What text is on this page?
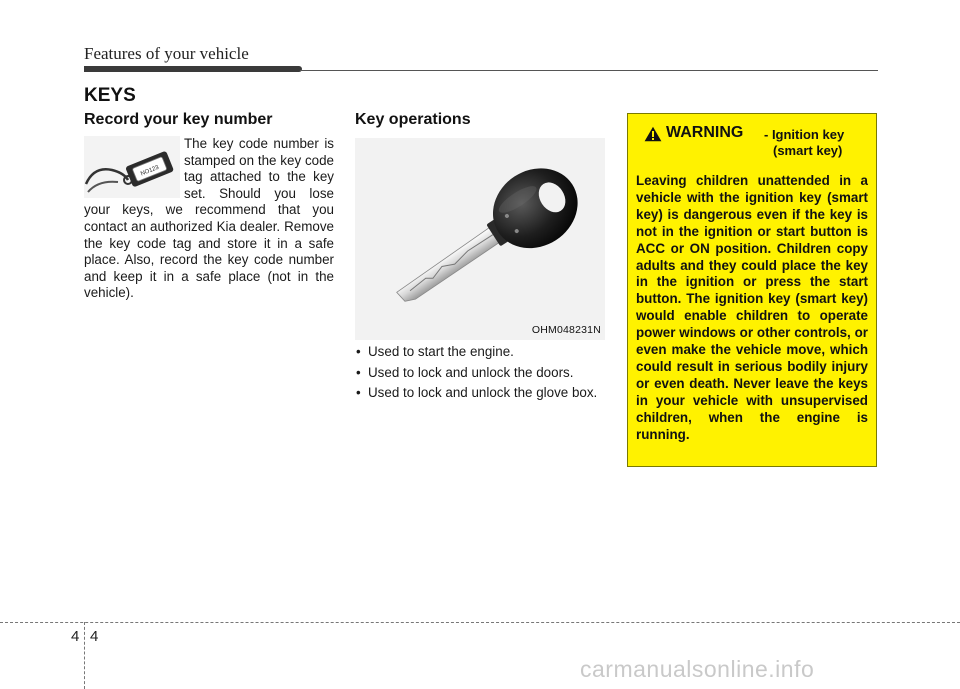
Features of your vehicle
KEYS
Record your key number
NO123

The key code number is stamped on the key code tag attached to the key set. Should you lose your keys, we recommend that you contact an authorized Kia dealer. Remove the key code tag and store it in a safe place. Also, record the key code number and keep it in a safe place (not in the vehicle).

Key operations
OHM048231N
• Used to start the engine.
• Used to lock and unlock the doors.
• Used to lock and unlock the glove box.
WARNING - Ignition key
(smart key)

Leaving children unattended in a vehicle with the ignition key (smart key) is dangerous even if the key is not in the ignition or start button is ACC or ON position. Children copy adults and they could place the key in the ignition or press the start button. The ignition key (smart key) would enable children to operate power windows or other controls, or even make the vehicle move, which could result in serious bodily injury or even death. Never leave the keys in your vehicle with unsupervised children, when the engine is running.

4 4
carmanualsonline.info
